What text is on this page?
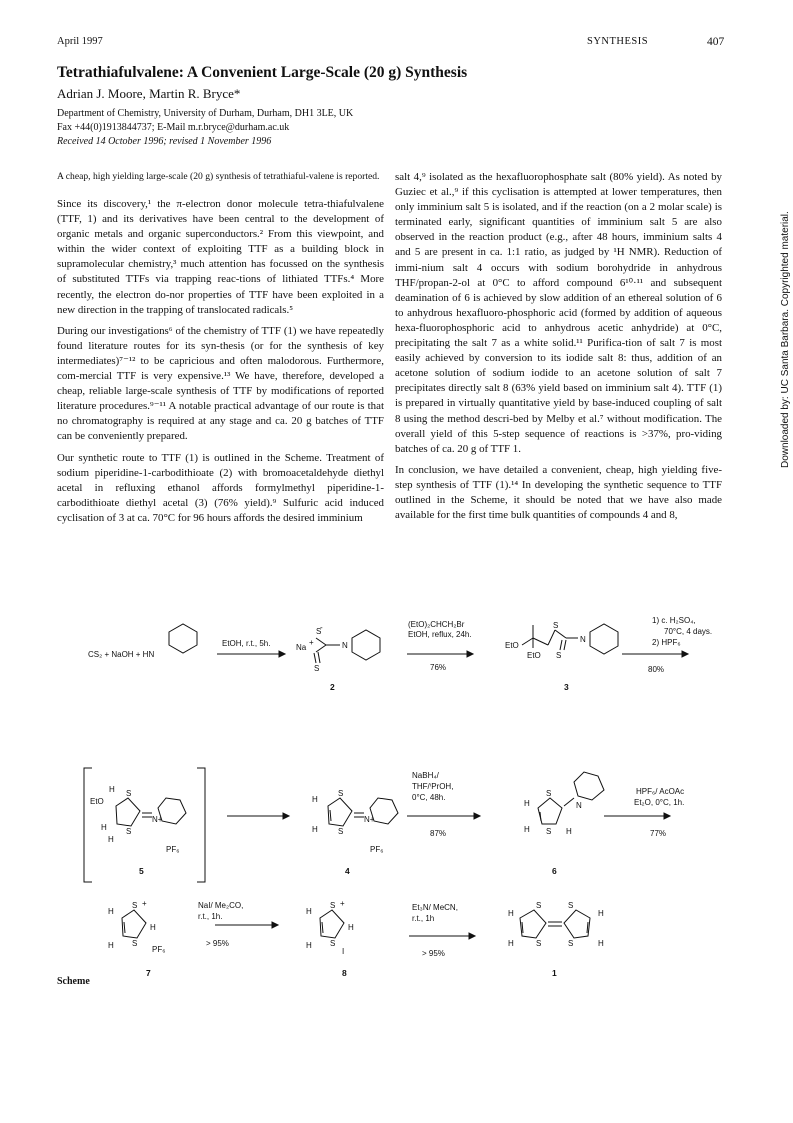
April 1997	SYNTHESIS	407
Tetrathiafulvalene: A Convenient Large-Scale (20 g) Synthesis
Adrian J. Moore, Martin R. Bryce*
Department of Chemistry, University of Durham, Durham, DH1 3LE, UK
Fax +44(0)1913844737; E-Mail m.r.bryce@durham.ac.uk
Received 14 October 1996; revised 1 November 1996

A cheap, high yielding large-scale (20 g) synthesis of tetrathiaful-valene is reported.

Since its discovery,¹ the π-electron donor molecule tetra-thiafulvalene (TTF, 1) and its derivatives have been central to the development of organic metals and organic superconductors.² From this viewpoint, and within the wider context of exploiting TTF as a building block in supramolecular chemistry,³ much attention has focussed on the synthesis of substituted TTFs via trapping reac-tions of lithiated TTFs.⁴ More recently, the electron do-nor properties of TTF have been exploited in a new direction in the trapping of translocated radicals.⁵

During our investigations⁶ of the chemistry of TTF (1) we have repeatedly found literature routes for its syn-thesis (or for the synthesis of key intermediates)⁷⁻¹² to be capricious and often malodorous. Furthermore, com-mercial TTF is very expensive.¹³ We have, therefore, developed a cheap, reliable large-scale synthesis of TTF by modifications of reported literature procedures.⁹⁻¹¹ A notable practical advantage of our route is that no chromatography is required at any stage and ca. 20 g batches of TTF can be conveniently prepared.

Our synthetic route to TTF (1) is outlined in the Scheme. Treatment of sodium piperidine-1-carbodithioate (2) with bromoacetaldehyde diethyl acetal in refluxing ethanol affords formylmethyl piperidine-1-carbodithioate diethyl acetal (3) (76% yield).⁹ Sulfuric acid induced cyclisation of 3 at ca. 70°C for 96 hours affords the desired imminium

salt 4,⁹ isolated as the hexafluorophosphate salt (80% yield). As noted by Guziec et al.,⁹ if this cyclisation is attempted at lower temperatures, then only imminium salt 5 is isolated, and if the reaction (on a 2 molar scale) is terminated early, significant quantities of imminium salt 5 are also observed in the reaction product (e.g., after 48 hours, imminium salts 4 and 5 are present in ca. 1:1 ratio, as judged by ¹H NMR). Reduction of immi-nium salt 4 occurs with sodium borohydride in anhydrous THF/propan-2-ol at 0°C to afford compound 6¹⁰·¹¹ and subsequent deamination of 6 is achieved by slow addition of an ethereal solution of 6 to anhydrous hexafluoro-phosphoric acid (formed by addition of aqueous hexa-fluorophosphoric acid to anhydrous acetic anhydride) at 0°C, precipitating the salt 7 as a white solid.¹¹ Purifica-tion of salt 7 is most easily achieved by conversion to its iodide salt 8: thus, addition of an acetone solution of sodium iodide to an acetone solution of salt 7 precipitates directly salt 8 (63% yield based on imminium salt 4). TTF (1) is prepared in virtually quantitative yield by base-induced coupling of salt 8 using the method descri-bed by Melby et al.⁷ without modification. The overall yield of this 5-step sequence of reactions is >37%, pro-viding batches of ca. 20 g of TTF 1.

In conclusion, we have detailed a convenient, cheap, high yielding five-step synthesis of TTF (1).¹⁴ In developing the synthetic sequence to TTF outlined in the Scheme, it should be noted that we have also made available for the first time bulk quantities of compounds 4 and 8,

Downloaded by: UC Santa Barbara. Copyrighted material.
CS₂ + NaOH + HN
EtOH, r.t., 5h.
S
-
Na
+
S
N
2
(EtO)₂CHCH₂Br
EtOH, reflux, 24h.
76%
EtO
EtO
S
S
N
3
1) c. H₂SO₄,
70°C, 4 days.
2) HPF₆
80%
EtO
H S
S
H
H
N+
PF₆
5
H
S
S
H
N+
PF₆
4
NaBH₄/
THF/ⁱPrOH,
0°C, 48h.
87%
H
S
S
H
N
H
6
HPF₆/ AcOAc
Et₂O, 0°C, 1h.
77%
H
S +
H
S
H	PF₆
7
NaI/ Me₂CO,
r.t., 1h.
> 95%
H
S +
H
S
H
I
8
Et₃N/ MeCN,
r.t., 1h
> 95%
H
S
S
H
S
S
H
H
1
Scheme
